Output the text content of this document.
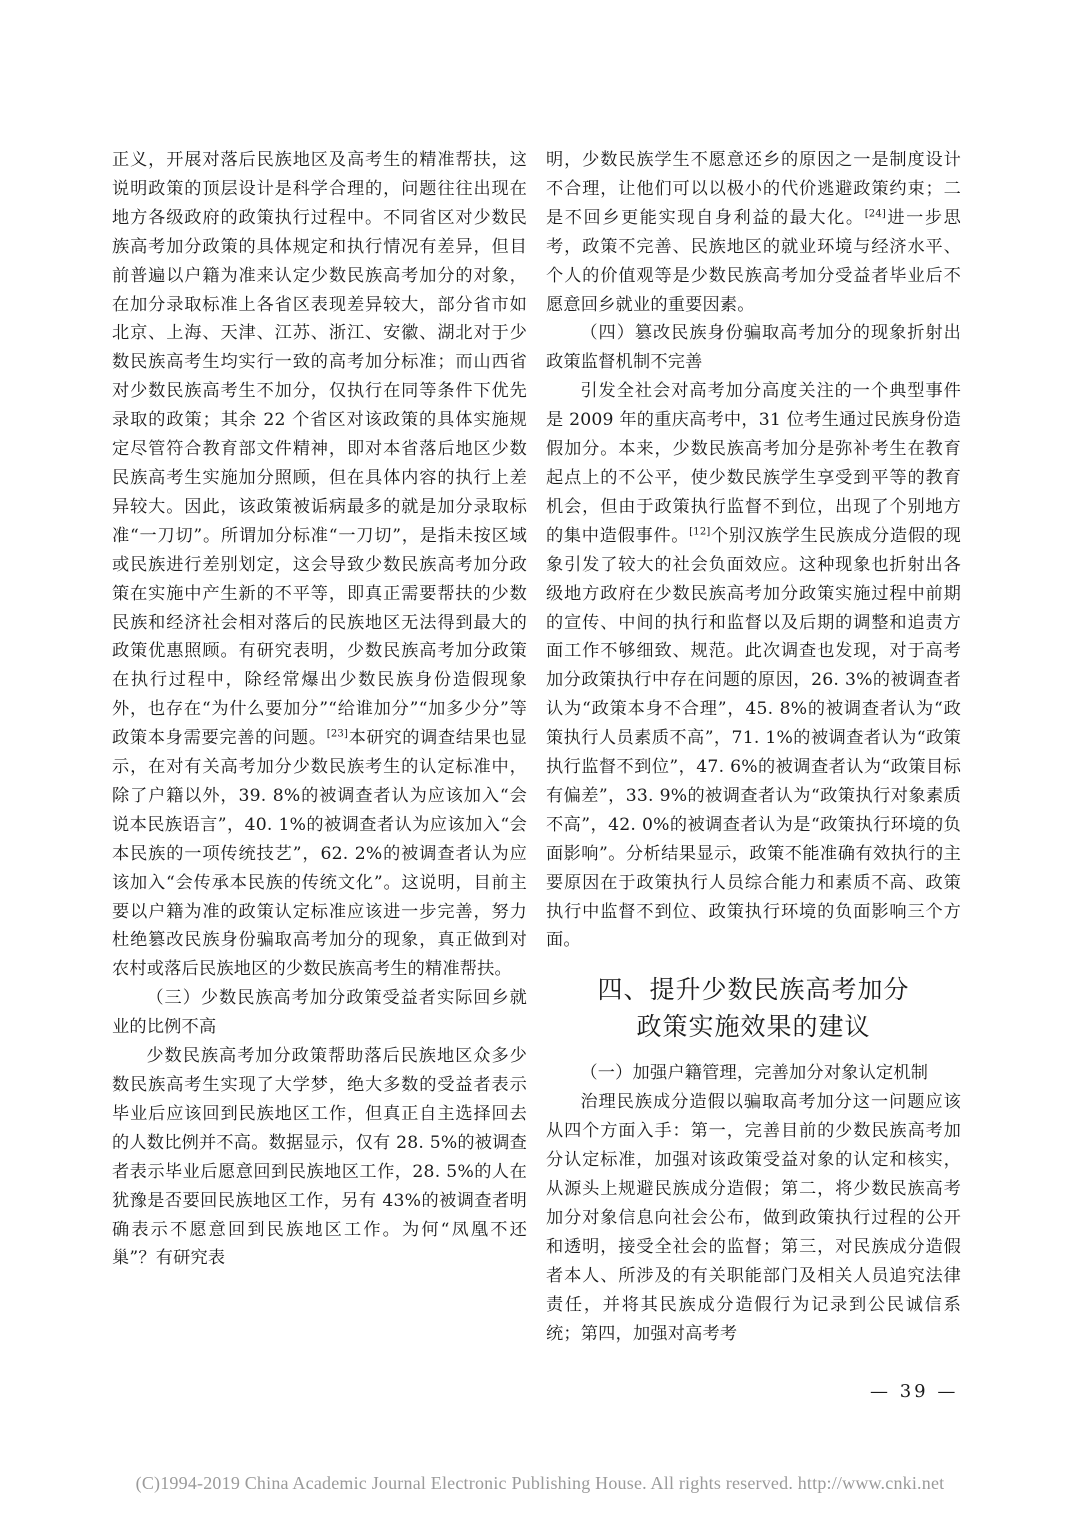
正义，开展对落后民族地区及高考生的精准帮扶，这说明政策的顶层设计是科学合理的，问题往往出现在地方各级政府的政策执行过程中。不同省区对少数民族高考加分政策的具体规定和执行情况有差异，但目前普遍以户籍为准来认定少数民族高考加分的对象，在加分录取标准上各省区表现差异较大，部分省市如北京、上海、天津、江苏、浙江、安徽、湖北对于少数民族高考生均实行一致的高考加分标准；而山西省对少数民族高考生不加分，仅执行在同等条件下优先录取的政策；其余 22 个省区对该政策的具体实施规定尽管符合教育部文件精神，即对本省落后地区少数民族高考生实施加分照顾，但在具体内容的执行上差异较大。因此，该政策被诟病最多的就是加分录取标准“一刀切”。所谓加分标准“一刀切”，是指未按区域或民族进行差别划定，这会导致少数民族高考加分政策在实施中产生新的不平等，即真正需要帮扶的少数民族和经济社会相对落后的民族地区无法得到最大的政策优惠照顾。有研究表明，少数民族高考加分政策在执行过程中，除经常爆出少数民族身份造假现象外，也存在“为什么要加分”“给谁加分”“加多少分”等政策本身需要完善的问题。[23]本研究的调查结果也显示，在对有关高考加分少数民族考生的认定标准中，除了户籍以外，39. 8%的被调查者认为应该加入“会说本民族语言”，40. 1%的被调查者认为应该加入“会本民族的一项传统技艺”，62. 2%的被调查者认为应该加入“会传承本民族的传统文化”。这说明，目前主要以户籍为准的政策认定标准应该进一步完善，努力杜绝篡改民族身份骗取高考加分的现象，真正做到对农村或落后民族地区的少数民族高考生的精准帮扶。

（三）少数民族高考加分政策受益者实际回乡就业的比例不高

少数民族高考加分政策帮助落后民族地区众多少数民族高考生实现了大学梦，绝大多数的受益者表示毕业后应该回到民族地区工作，但真正自主选择回去的人数比例并不高。数据显示，仅有 28. 5%的被调查者表示毕业后愿意回到民族地区工作，28. 5%的人在犹豫是否要回民族地区工作，另有 43%的被调查者明确表示不愿意回到民族地区工作。为何“凤凰不还巢”？有研究表

明，少数民族学生不愿意还乡的原因之一是制度设计不合理，让他们可以以极小的代价逃避政策约束；二是不回乡更能实现自身利益的最大化。[24]进一步思考，政策不完善、民族地区的就业环境与经济水平、个人的价值观等是少数民族高考加分受益者毕业后不愿意回乡就业的重要因素。

（四）篡改民族身份骗取高考加分的现象折射出政策监督机制不完善

引发全社会对高考加分高度关注的一个典型事件是 2009 年的重庆高考中，31 位考生通过民族身份造假加分。本来，少数民族高考加分是弥补考生在教育起点上的不公平，使少数民族学生享受到平等的教育机会，但由于政策执行监督不到位，出现了个别地方的集中造假事件。[12]个别汉族学生民族成分造假的现象引发了较大的社会负面效应。这种现象也折射出各级地方政府在少数民族高考加分政策实施过程中前期的宣传、中间的执行和监督以及后期的调整和追责方面工作不够细致、规范。此次调查也发现，对于高考加分政策执行中存在问题的原因，26. 3%的被调查者认为“政策本身不合理”，45. 8%的被调查者认为“政策执行人员素质不高”，71. 1%的被调查者认为“政策执行监督不到位”，47. 6%的被调查者认为“政策目标有偏差”，33. 9%的被调查者认为“政策执行对象素质不高”，42. 0%的被调查者认为是“政策执行环境的负面影响”。分析结果显示，政策不能准确有效执行的主要原因在于政策执行人员综合能力和素质不高、政策执行中监督不到位、政策执行环境的负面影响三个方面。

四、提升少数民族高考加分
政策实施效果的建议

（一）加强户籍管理，完善加分对象认定机制

治理民族成分造假以骗取高考加分这一问题应该从四个方面入手：第一，完善目前的少数民族高考加分认定标准，加强对该政策受益对象的认定和核实，从源头上规避民族成分造假；第二，将少数民族高考加分对象信息向社会公布，做到政策执行过程的公开和透明，接受全社会的监督；第三，对民族成分造假者本人、所涉及的有关职能部门及相关人员追究法律责任，并将其民族成分造假行为记录到公民诚信系统；第四，加强对高考考

— 39 —
(C)1994-2019 China Academic Journal Electronic Publishing House. All rights reserved. http://www.cnki.net
